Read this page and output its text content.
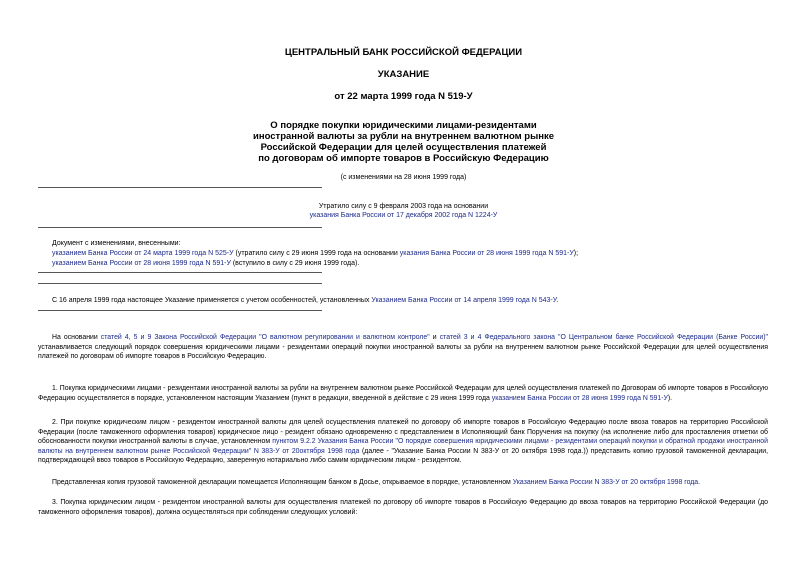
ЦЕНТРАЛЬНЫЙ БАНК РОССИЙСКОЙ ФЕДЕРАЦИИ
УКАЗАНИЕ
от 22 марта 1999 года N 519-У
О порядке покупки юридическими лицами-резидентами
иностранной валюты за рубли на внутреннем валютном рынке
Российской Федерации для целей осуществления платежей
по договорам об импорте товаров в Российскую Федерацию
(с изменениями на 28 июня 1999 года)
Утратило силу с 9 февраля 2003 года на основании
указания Банка России от 17 декабря 2002 года N 1224-У
Документ с изменениями, внесенными:
указанием Банка России от 24 марта 1999 года N 525-У (утратило силу с 29 июня 1999 года на основании указания Банка России от 28 июня 1999 года N 591-У);
указанием Банка России от 28 июня 1999 года N 591-У (вступило в силу с 29 июня 1999 года).
С 16 апреля 1999 года настоящее Указание применяется с учетом особенностей, установленных Указанием Банка России от 14 апреля 1999 года N 543-У.
На основании статей 4, 5 и 9 Закона Российской Федерации "О валютном регулировании и валютном контроле" и статей 3 и 4 Федерального закона "О Центральном банке Российской Федерации (Банке России)" устанавливается следующий порядок совершения юридическими лицами - резидентами операций покупки иностранной валюты за рубли на внутреннем валютном рынке Российской Федерации для целей осуществления платежей по договорам об импорте товаров в Российскую Федерацию.
1. Покупка юридическими лицами - резидентами иностранной валюты за рубли на внутреннем валютном рынке Российской Федерации для целей осуществления платежей по Договорам об импорте товаров в Российскую Федерацию осуществляется в порядке, установленном настоящим Указанием (пункт в редакции, введенной в действие с 29 июня 1999 года указанием Банка России от 28 июня 1999 года N 591-У).
2. При покупке юридическим лицом - резидентом иностранной валюты для целей осуществления платежей по договору об импорте товаров в Российскую Федерацию после ввоза товаров на территорию Российской Федерации (после таможенного оформления товаров) юридическое лицо - резидент обязано одновременно с представлением в Исполняющий банк Поручения на покупку (на исполнение либо для проставления отметки об обоснованности покупки иностранной валюты в случае, установленном пунктом 9.2.2 Указания Банка России "О порядке совершения юридическими лицами - резидентами операций покупки и обратной продажи иностранной валюты на внутреннем валютном рынке Российской Федерации" N 383-У от 20октября 1998 года (далее - "Указание Банка России N 383-У от 20 октября 1998 года.)) представить копию грузовой таможенной декларации, подтверждающей ввоз товаров в Российскую Федерацию, заверенную нотариально либо самим юридическим лицом - резидентом.
Представленная копия грузовой таможенной декларации помещается Исполняющим банком в Досье, открываемое в порядке, установленном Указанием Банка России N 383-У от 20 октября 1998 года.
3. Покупка юридическим лицом - резидентом иностранной валюты для осуществления платежей по договору об импорте товаров в Российскую Федерацию до ввоза товаров на территорию Российской Федерации (до таможенного оформления товаров), должна осуществляться при соблюдении следующих условий:
